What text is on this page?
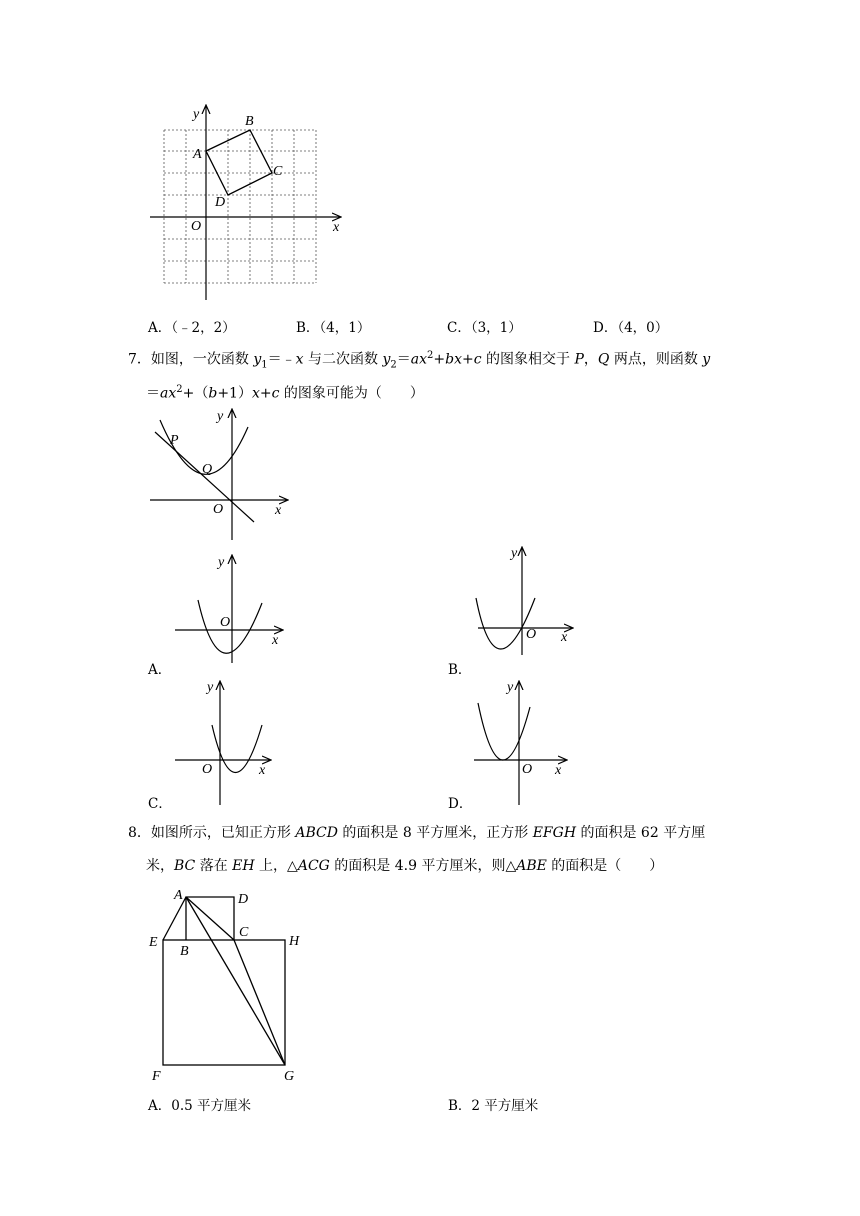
y
x
O
A
B
C
D
A．（﹣2，2）	B．（4，1）	C．（3，1）	D．（4，0）
7．如图，一次函数 $y_1=﹣x$ 与二次函数 $y_2=ax^2+bx+c$ 的图象相交于 P，Q 两点，则函数 y
$=ax^2+(b+1)x+c$ 的图象可能为（　　）
y
P
Q
O	x
y
O
x
A．
y
O x
B．
y
O	x
C．
y
O x
D．
8．如图所示，已知正方形 ABCD 的面积是 8 平方厘米，正方形 EFGH 的面积是 62 平方厘
米，BC 落在 EH 上，△ACG 的面积是 4.9 平方厘米，则△ABE 的面积是（　　）
A	D
E
B
C
H
F	G
A．0.5 平方厘米	B．2 平方厘米
